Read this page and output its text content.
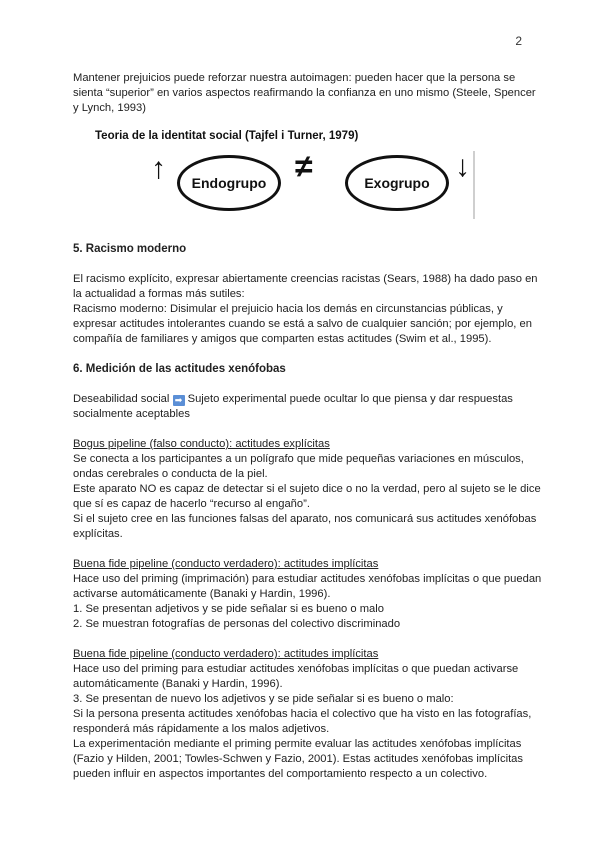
2

Mantener prejuicios puede reforzar nuestra autoimagen: pueden hacer que la persona se sienta “superior” en varios aspectos reafirmando la confianza en uno mismo (Steele, Spencer y Lynch, 1993)

Teoria de la identitat social (Tajfel i Turner, 1979)
↑ Endogrupo ≠	Exogrupo ↓

5. Racismo moderno

El racismo explícito, expresar abiertamente creencias racistas (Sears, 1988) ha dado paso en la actualidad a formas más sutiles:

Racismo moderno: Disimular el prejuicio hacia los demás en circunstancias públicas, y expresar actitudes intolerantes cuando se está a salvo de cualquier sanción; por ejemplo, en compañía de familiares y amigos que comparten estas actitudes (Swim et al., 1995).

6. Medición de las actitudes xenófobas

Deseabilidad social ➡ Sujeto experimental puede ocultar lo que piensa y dar respuestas socialmente aceptables

Bogus pipeline (falso conducto): actitudes explícitas

Se conecta a los participantes a un polígrafo que mide pequeñas variaciones en músculos, ondas cerebrales o conducta de la piel.

Este aparato NO es capaz de detectar si el sujeto dice o no la verdad, pero al sujeto se le dice que sí es capaz de hacerlo “recurso al engaño”.

Si el sujeto cree en las funciones falsas del aparato, nos comunicará sus actitudes xenófobas explícitas.

Buena fide pipeline (conducto verdadero): actitudes implícitas

Hace uso del priming (imprimación) para estudiar actitudes xenófobas implícitas o que puedan activarse automáticamente (Banaki y Hardin, 1996).

1. Se presentan adjetivos y se pide señalar si es bueno o malo

2. Se muestran fotografías de personas del colectivo discriminado

Buena fide pipeline (conducto verdadero): actitudes implícitas

Hace uso del priming para estudiar actitudes xenófobas implícitas o que puedan activarse automáticamente (Banaki y Hardin, 1996).

3. Se presentan de nuevo los adjetivos y se pide señalar si es bueno o malo:

Si la persona presenta actitudes xenófobas hacia el colectivo que ha visto en las fotografías, responderá más rápidamente a los malos adjetivos.

La experimentación mediante el priming permite evaluar las actitudes xenófobas implícitas (Fazio y Hilden, 2001; Towles-Schwen y Fazio, 2001). Estas actitudes xenófobas implícitas pueden influir en aspectos importantes del comportamiento respecto a un colectivo.
